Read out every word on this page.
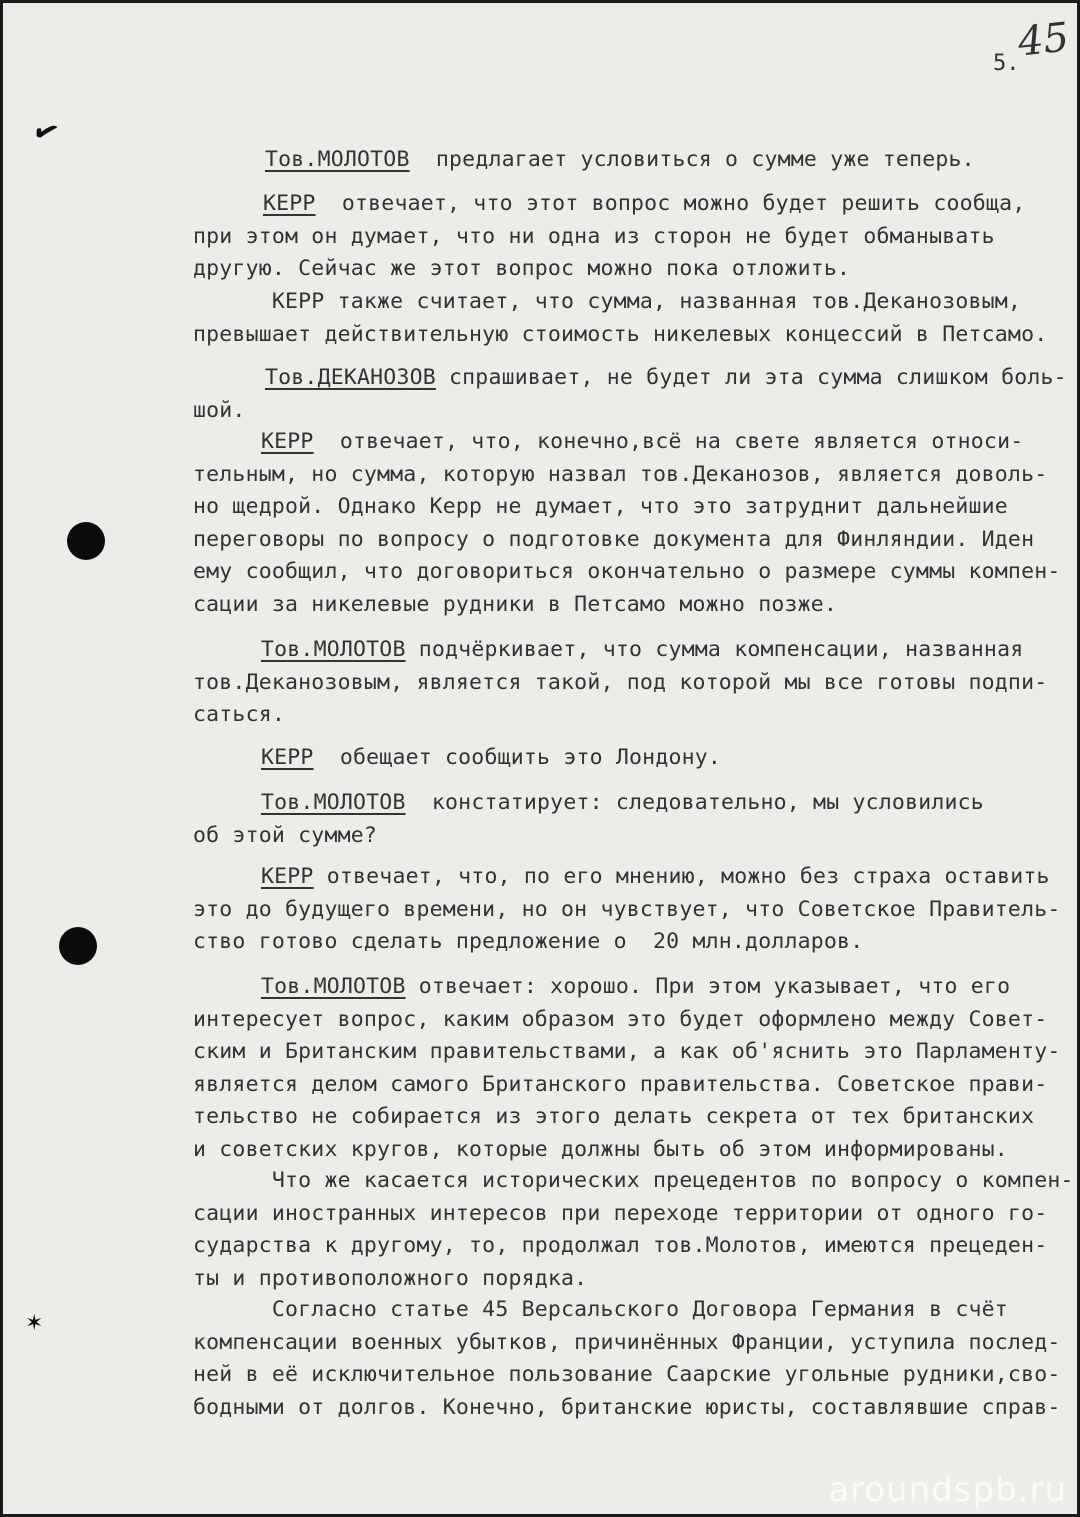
45
5.
✔
✶
Тов.МОЛОТОВ  предлагает условиться о сумме уже теперь.
КЕРР  отвечает, что этот вопрос можно будет решить сообща,
при этом он думает, что ни одна из сторон не будет обманывать
другую. Сейчас же этот вопрос можно пока отложить.
КЕРР также считает, что сумма, названная тов.Деканозовым,
превышает действительную стоимость никелевых концессий в Петсамо.
Тов.ДЕКАНОЗОВ спрашивает, не будет ли эта сумма слишком боль-
шой.
КЕРР  отвечает, что, конечно,всё на свете является относи-
тельным, но сумма, которую назвал тов.Деканозов, является доволь-
но щедрой. Однако Керр не думает, что это затруднит дальнейшие
переговоры по вопросу о подготовке документа для Финляндии. Иден
ему сообщил, что договориться окончательно о размере суммы компен-
сации за никелевые рудники в Петсамо можно позже.
Тов.МОЛОТОВ подчёркивает, что сумма компенсации, названная
тов.Деканозовым, является такой, под которой мы все готовы подпи-
саться.
КЕРР  обещает сообщить это Лондону.
Тов.МОЛОТОВ  констатирует: следовательно, мы условились
об этой сумме?
КЕРР отвечает, что, по его мнению, можно без страха оставить
это до будущего времени, но он чувствует, что Советское Правитель-
ство готово сделать предложение о  20 млн.долларов.
Тов.МОЛОТОВ отвечает: хорошо. При этом указывает, что его
интересует вопрос, каким образом это будет оформлено между Совет-
ским и Британским правительствами, а как об'яснить это Парламенту-
является делом самого Британского правительства. Советское прави-
тельство не собирается из этого делать секрета от тех британских
и советских кругов, которые должны быть об этом информированы.
Что же касается исторических прецедентов по вопросу о компен-
сации иностранных интересов при переходе территории от одного го-
сударства к другому, то, продолжал тов.Молотов, имеются прецеден-
ты и противоположного порядка.
Согласно статье 45 Версальского Договора Германия в счёт
компенсации военных убытков, причинённых Франции, уступила послед-
ней в её исключительное пользование Саарские угольные рудники,сво-
бодными от долгов. Конечно, британские юристы, составлявшие справ-
aroundspb.ru
